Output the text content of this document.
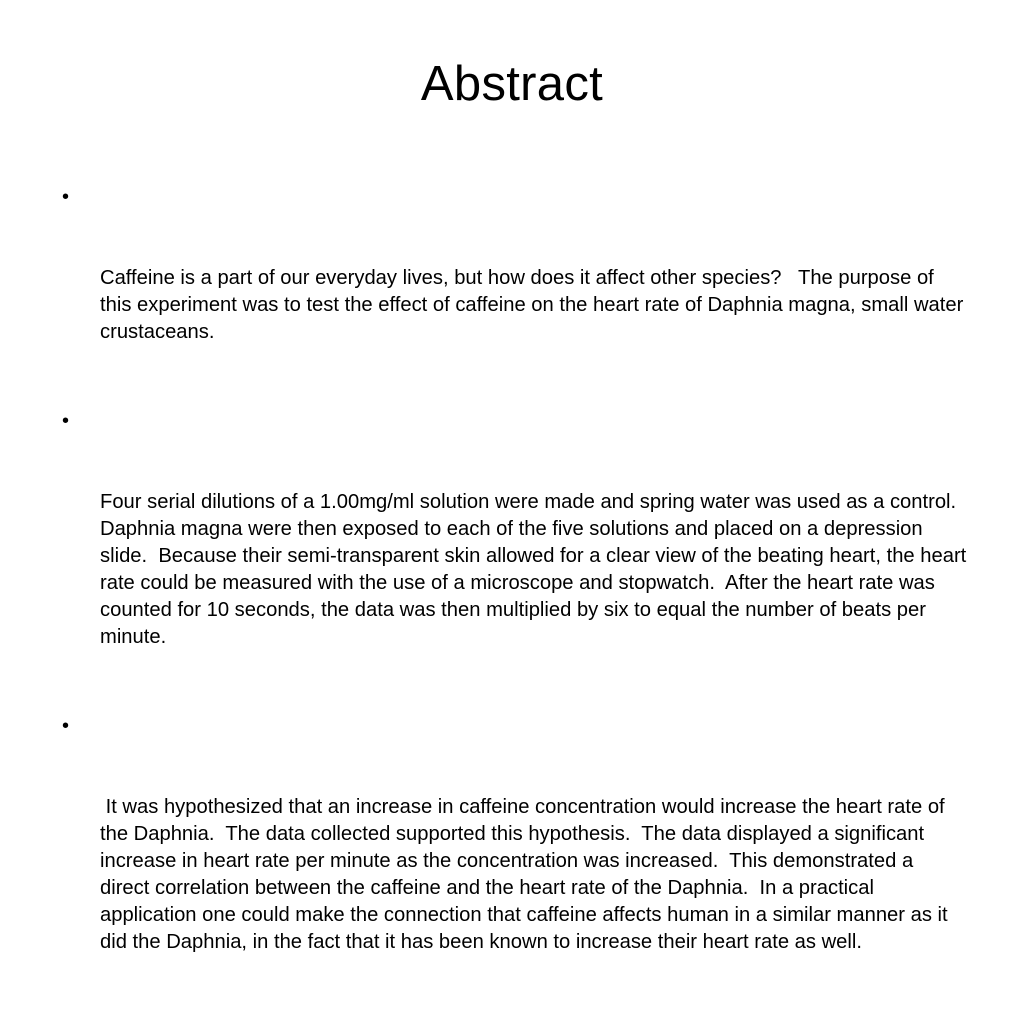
Abstract

•

Caffeine is a part of our everyday lives, but how does it affect other species?   The purpose of this experiment was to test the effect of caffeine on the heart rate of Daphnia magna, small water crustaceans.

•

Four serial dilutions of a 1.00mg/ml solution were made and spring water was used as a control.  Daphnia magna were then exposed to each of the five solutions and placed on a depression slide.  Because their semi-transparent skin allowed for a clear view of the beating heart, the heart rate could be measured with the use of a microscope and stopwatch.  After the heart rate was counted for 10 seconds, the data was then multiplied by six to equal the number of beats per minute.

•

It was hypothesized that an increase in caffeine concentration would increase the heart rate of the Daphnia.  The data collected supported this hypothesis.  The data displayed a significant increase in heart rate per minute as the concentration was increased.  This demonstrated a direct correlation between the caffeine and the heart rate of the Daphnia.  In a practical application one could make the connection that caffeine affects human in a similar manner as it did the Daphnia, in the fact that it has been known to increase their heart rate as well.
